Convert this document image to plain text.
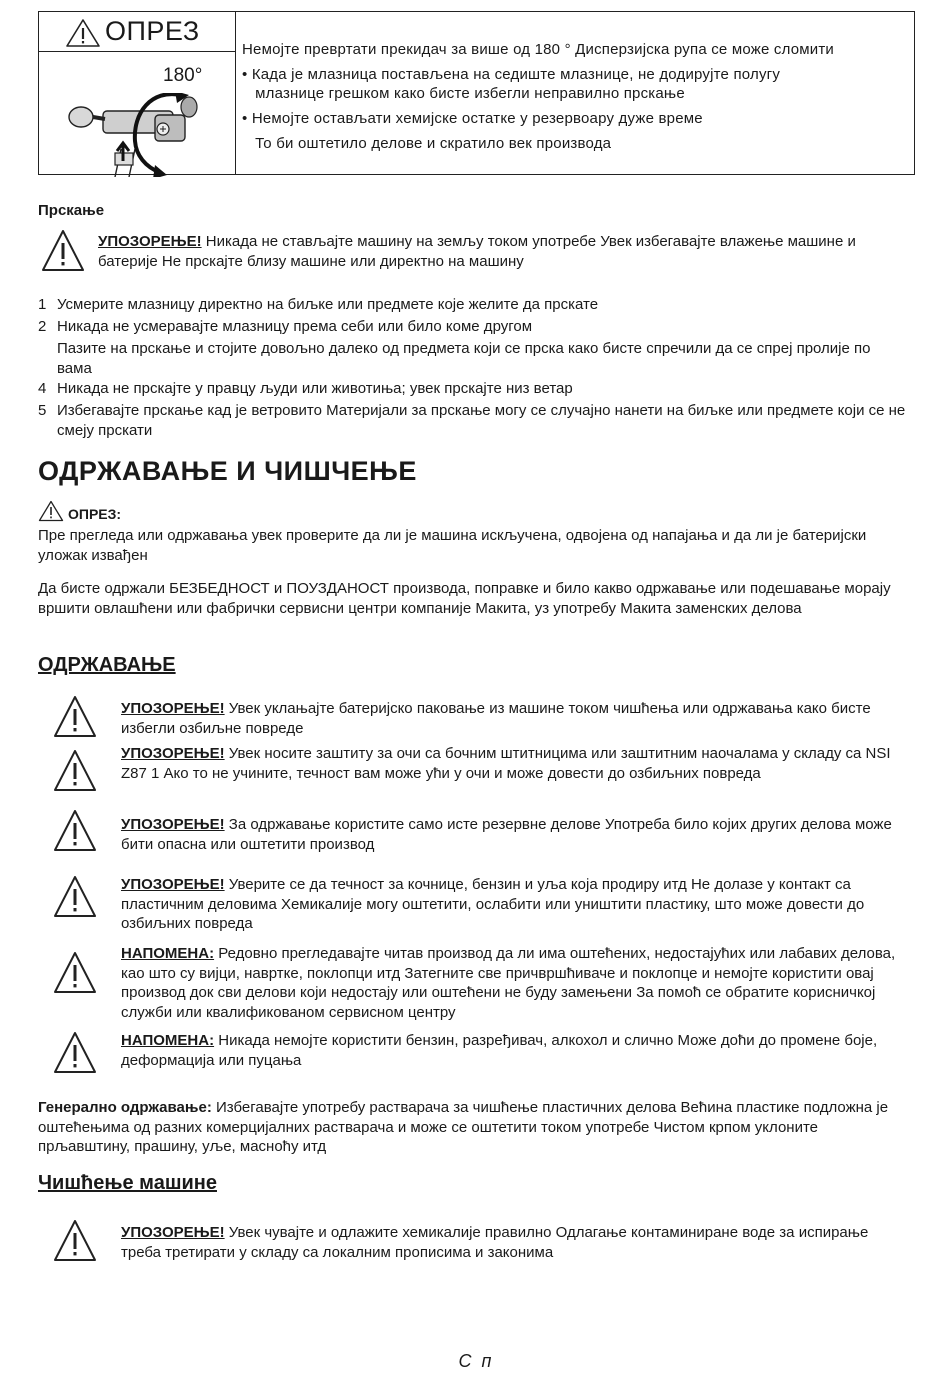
ОПРЕЗ
180°

Немојте превртати прекидач за више од 180 ° Дисперзијска рупа се може сломити

• Када је млазница постављена на седиште млазнице, не додирујте полугу

млазнице грешком како бисте избегли неправилно прскање

• Немојте остављати хемијске остатке у резервоару дуже време

То би оштетило делове и скратило век производа

Прскање

УПОЗОРЕЊЕ! Никада не стављајте машину на земљу током употребе Увек избегавајте влажење машине и батерије Не прскајте близу машине или директно на машину

1 Усмерите млазницу директно на биљке или предмете које желите да прскате

2 Никада не усмеравајте млазницу према себи или било коме другом

Пазите на прскање и стојите довољно далеко од предмета који се прска како бисте спречили да се спреј пролије по вама

4 Никада не прскајте у правцу људи или животиња; увек прскајте низ ветар

5 Избегавајте прскање кад је ветровито Материјали за прскање могу се случајно нанети на биљке или предмете који се не смеју прскати

ОДРЖАВАЊЕ И ЧИШЧЕЊЕ
ОПРЕЗ:

Пре прегледа или одржавања увек проверите да ли је машина искључена, одвојена од напајања и да ли је батеријски уложак извађен

Да бисте одржали БЕЗБЕДНОСТ и ПОУЗДАНОСТ производа, поправке и било какво одржавање или подешавање морају вршити овлашћени или фабрички сервисни центри компаније Макита, уз употребу Макита заменских делова

ОДРЖАВАЊЕ

УПОЗОРЕЊЕ! Увек уклањајте батеријско паковање из машине током чишћења или одржавања како бисте избегли озбиљне повреде

УПОЗОРЕЊЕ! Увек носите заштиту за очи са бочним штитницима или заштитним наочалама у складу са NSI Z87 1 Ако то не учините, течност вам може ући у очи и може довести до озбиљних повреда

УПОЗОРЕЊЕ! За одржавање користите само исте резервне делове Употреба било којих других делова може бити опасна или оштетити производ

УПОЗОРЕЊЕ! Уверите се да течност за кочнице, бензин и уља која продиру итд Не долазе у контакт са пластичним деловима Хемикалије могу оштетити, ослабити или уништити пластику, што може довести до озбиљних повреда

НАПОМЕНА: Редовно прегледавајте читав производ да ли има оштећених, недостајућих или лабавих делова, као што су вијци, навртке, поклопци итд Затегните све причвршћиваче и поклопце и немојте користити овај производ док сви делови који недостају или оштећени не буду замењени За помоћ се обратите корисничкој служби или квалификованом сервисном центру

НАПОМЕНА: Никада немојте користити бензин, разређивач, алкохол и слично Може доћи до промене боје, деформација или пуцања

Генерално одржавање: Избегавајте употребу растварача за чишћење пластичних делова Већина пластике подложна је оштећењима од разних комерцијалних растварача и може се оштетити током употребе Чистом крпом уклоните прљавштину, прашину, уље, масноћу итд

Чишћење машине

УПОЗОРЕЊЕ! Увек чувајте и одлажите хемикалије правилно Одлагање контаминиране воде за испирање треба третирати у складу са локалним прописима и законима

С  п
